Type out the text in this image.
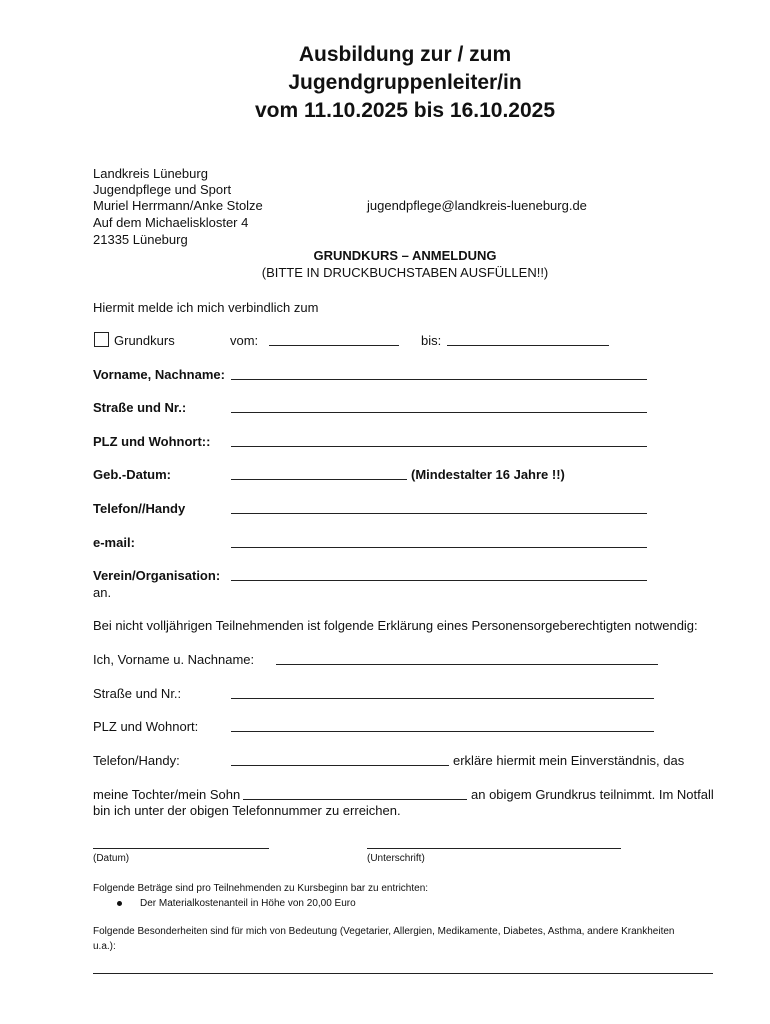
Ausbildung zur / zum
Jugendgruppenleiter/in
vom 11.10.2025 bis 16.10.2025
Landkreis Lüneburg
Jugendpflege und Sport
Muriel Herrmann/Anke Stolze
Auf dem Michaeliskloster 4
21335 Lüneburg
jugendpflege@landkreis-lueneburg.de
GRUNDKURS – ANMELDUNG
(BITTE IN DRUCKBUCHSTABEN AUSFÜLLEN!!)
Hiermit melde ich mich verbindlich zum
Grundkurs	vom:	bis:
Vorname, Nachname:
Straße und Nr.:
PLZ und Wohnort::
Geb.-Datum:	(Mindestalter 16 Jahre !!)
Telefon//Handy
e-mail:
Verein/Organisation:
an.
Bei nicht volljährigen Teilnehmenden ist folgende Erklärung eines Personensorgeberechtigten notwendig:
Ich, Vorname u. Nachname:
Straße und Nr.:
PLZ und Wohnort:
Telefon/Handy:	erkläre hiermit mein Einverständnis, das
meine Tochter/mein Sohn	an obigem Grundkrus teilnimmt. Im Notfall
bin ich unter der obigen Telefonnummer zu erreichen.
(Datum)	(Unterschrift)
Folgende Beträge sind pro Teilnehmenden zu Kursbeginn bar zu entrichten:
Der Materialkostenanteil in Höhe von 20,00 Euro
Folgende Besonderheiten sind für mich von Bedeutung (Vegetarier, Allergien, Medikamente, Diabetes, Asthma, andere Krankheiten
u.a.):
